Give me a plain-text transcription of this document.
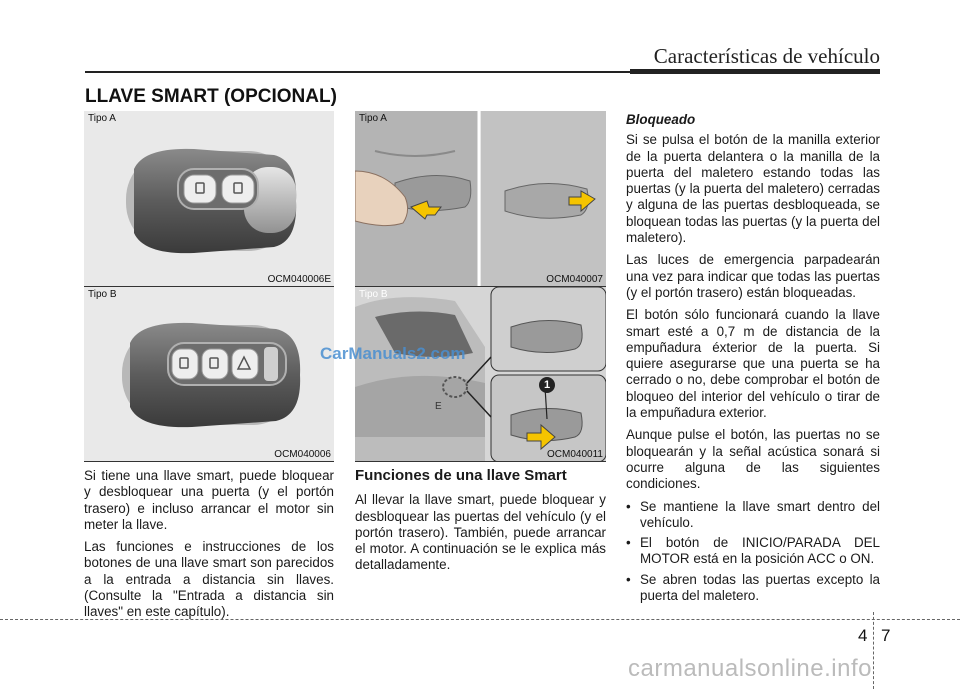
Características de vehículo
LLAVE SMART (OPCIONAL)
Tipo A
OCM040006E
Tipo B
OCM040006
Tipo A
OCM040007
E
1
Tipo B
OCM040011
CarManuals2.com

Si tiene una llave smart, puede bloquear y desbloquear una puerta (y el portón trasero) e incluso arrancar el motor sin meter la llave.

Las funciones e instrucciones de los botones de una llave smart son parecidos a la entrada a distancia sin llaves. (Consulte la "Entrada a distancia sin llaves" en este capítulo).

Funciones de una llave Smart

Al llevar la llave smart, puede bloquear y desbloquear las puertas del vehículo (y el portón trasero). También, puede arrancar el motor. A continuación se le explica más detalladamente.

Bloqueado

Si se pulsa el botón de la manilla exterior de la puerta delantera o la manilla de la puerta del maletero estando todas las puertas (y la puerta del maletero) cerradas y alguna de las puertas desbloqueada, se bloquean todas las puertas (y la puerta del maletero).

Las luces de emergencia parpadearán una vez para indicar que todas las puertas (y el portón trasero) están bloqueadas.

El botón sólo funcionará cuando la llave smart esté a 0,7 m de distancia de la empuñadura éxterior de la puerta. Si quiere asegurarse que una puerta se ha cerrado o no, debe comprobar el botón de bloqueo del interior del vehículo o tirar de la empuñadura exterior.

Aunque pulse el botón, las puertas no se bloquearán y la señal acústica sonará si ocurre alguna de las siguientes condiciones.

• Se mantiene la llave smart dentro del vehículo.
• El botón de INICIO/PARADA DEL MOTOR está en la posición ACC o ON.
• Se abren todas las puertas excepto la puerta del maletero.
4 7
carmanualsonline.info
